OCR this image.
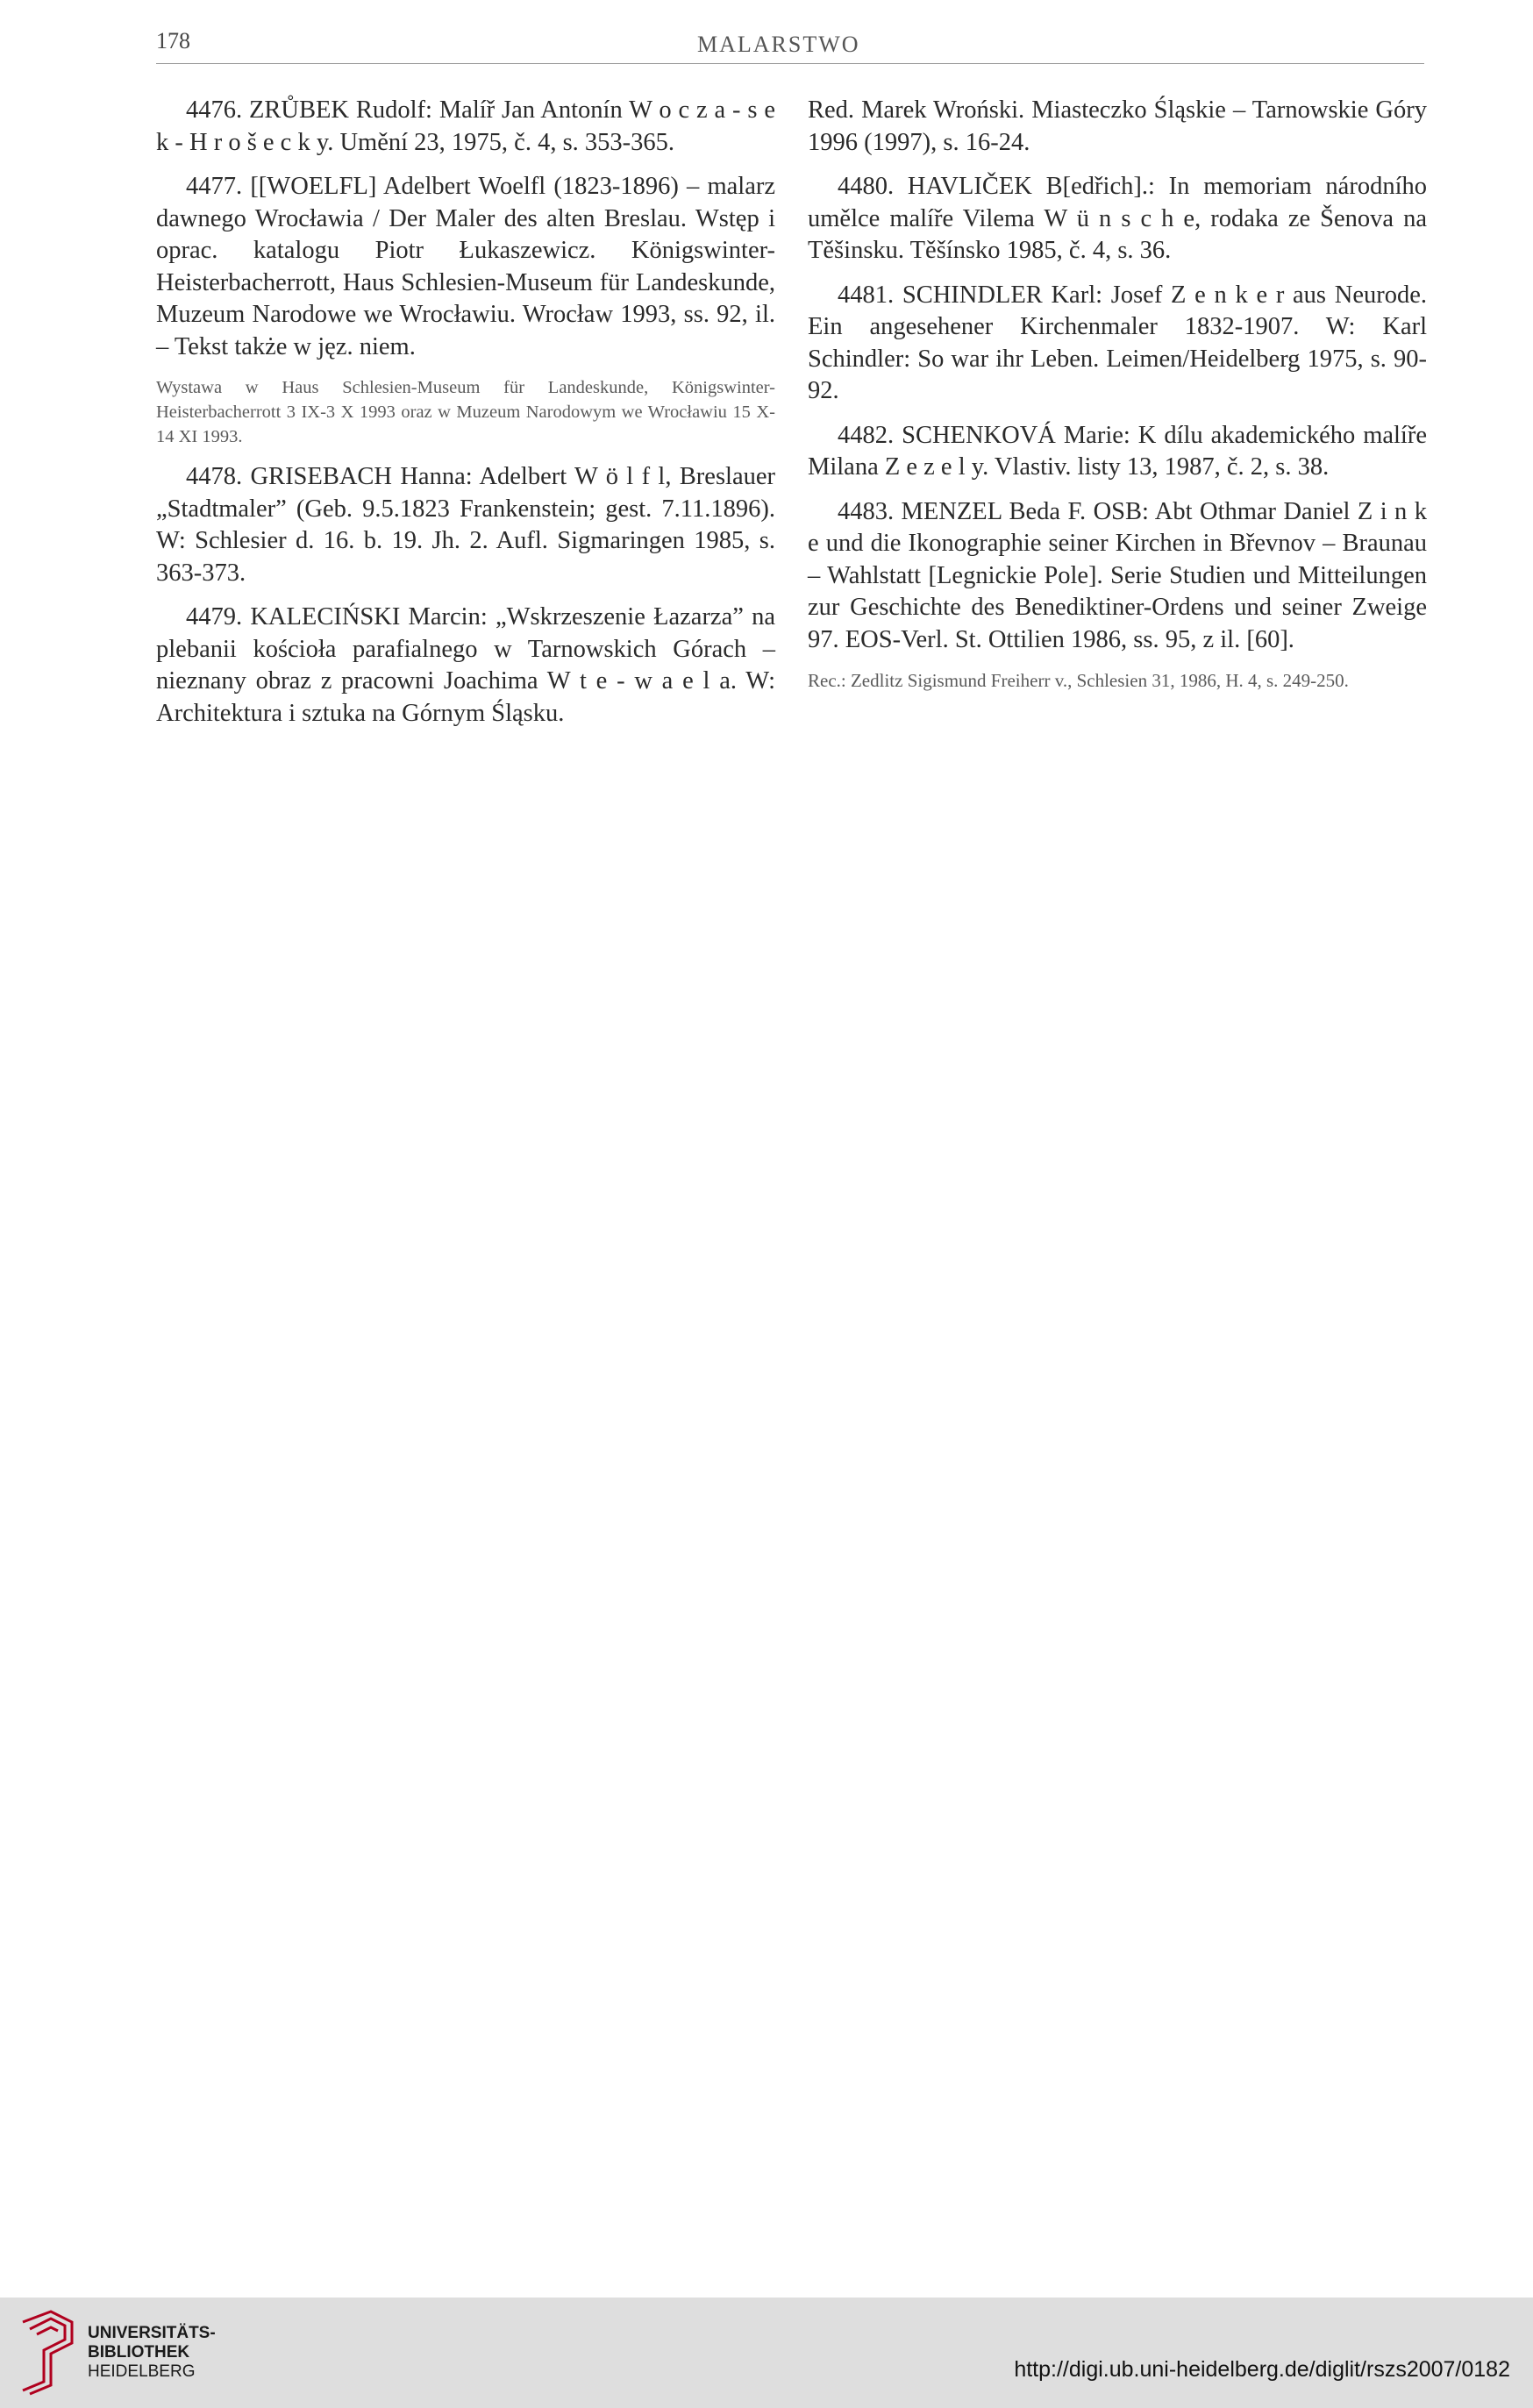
178	MALARSTWO

4476. ZRŮBEK Rudolf: Malíř Jan Antonín W o c z a - s e k - H r o š e c k y. Umění 23, 1975, č. 4, s. 353-365.

4477. [[WOELFL] Adelbert Woelfl (1823-1896) – malarz dawnego Wrocławia / Der Maler des alten Breslau. Wstęp i oprac. katalogu Piotr Łukaszewicz. Königswinter-Heisterbacherrott, Haus Schlesien-Museum für Landeskunde, Muzeum Narodowe we Wrocławiu. Wrocław 1993, ss. 92, il. – Tekst także w jęz. niem.

Wystawa w Haus Schlesien-Museum für Landeskunde, Königswinter-Heisterbacherrott 3 IX-3 X 1993 oraz w Muzeum Narodowym we Wrocławiu 15 X-14 XI 1993.

4478. GRISEBACH Hanna: Adelbert W ö l f l, Breslauer „Stadtmaler” (Geb. 9.5.1823 Frankenstein; gest. 7.11.1896). W: Schlesier d. 16. b. 19. Jh. 2. Aufl. Sigmaringen 1985, s. 363-373.

4479. KALECIŃSKI Marcin: „Wskrzeszenie Łazarza” na plebanii kościoła parafialnego w Tarnowskich Górach – nieznany obraz z pracowni Joachima W t e - w a e l a. W: Architektura i sztuka na Górnym Śląsku.

Red. Marek Wroński. Miasteczko Śląskie – Tarnowskie Góry 1996 (1997), s. 16-24.

4480. HAVLIČEK B[edřich].: In memoriam národního umělce malíře Vilema W ü n s c h e, rodaka ze Šenova na Těšinsku. Těšínsko 1985, č. 4, s. 36.

4481. SCHINDLER Karl: Josef Z e n k e r aus Neurode. Ein angesehener Kirchenmaler 1832-1907. W: Karl Schindler: So war ihr Leben. Leimen/Heidelberg 1975, s. 90-92.

4482. SCHENKOVÁ Marie: K dílu akademického malíře Milana Z e z e l y. Vlastiv. listy 13, 1987, č. 2, s. 38.

4483. MENZEL Beda F. OSB: Abt Othmar Daniel Z i n k e und die Ikonographie seiner Kirchen in Břevnov – Braunau – Wahlstatt [Legnickie Pole]. Serie Studien und Mitteilungen zur Geschichte des Benediktiner-Ordens und seiner Zweige 97. EOS-Verl. St. Ottilien 1986, ss. 95, z il. [60].

Rec.: Zedlitz Sigismund Freiherr v., Schlesien 31, 1986, H. 4, s. 249-250.

UNIVERSITÄTS-
BIBLIOTHEK
HEIDELBERG	http://digi.ub.uni-heidelberg.de/diglit/rszs2007/0182
